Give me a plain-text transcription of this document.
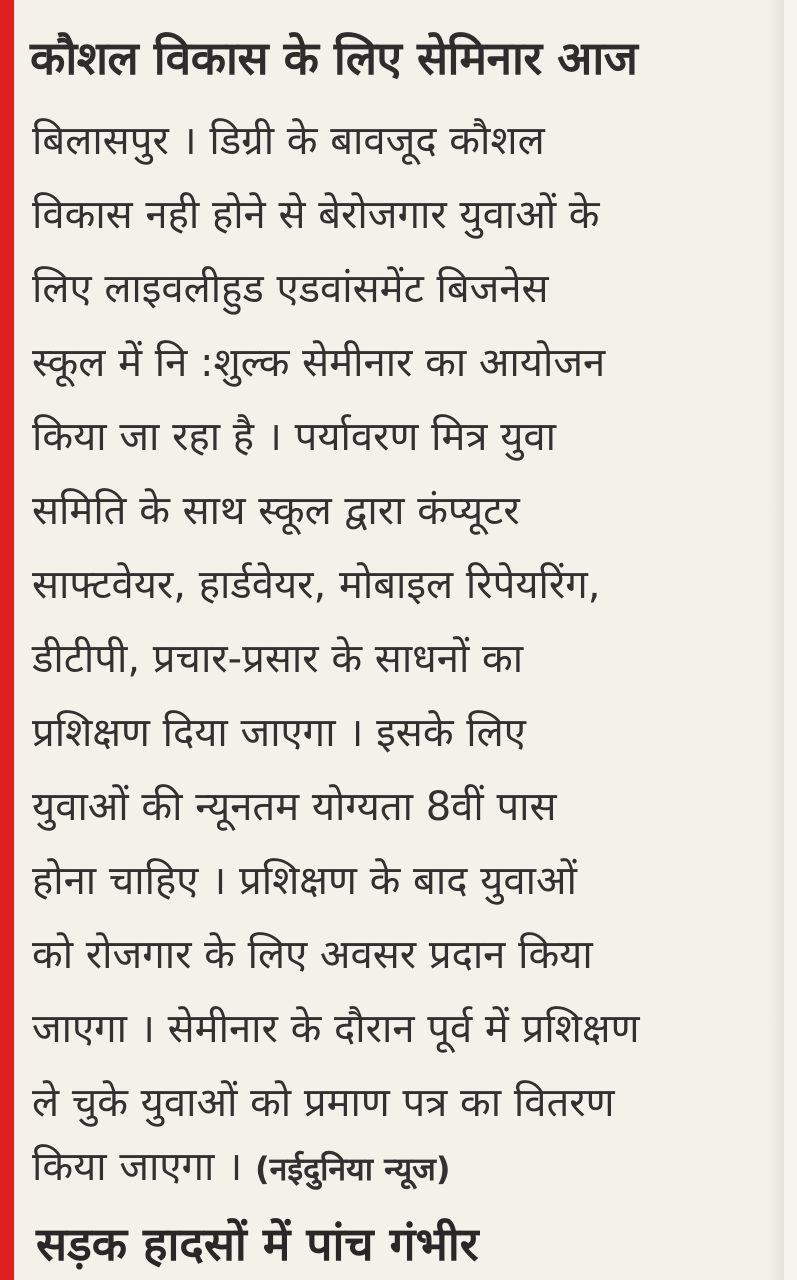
कौशल विकास के लिए सेमिनार आज

बिलासपुर । डिग्री के बावजूद कौशल

विकास नही होने से बेरोजगार युवाओं के

लिए लाइवलीहुड एडवांसमेंट बिजनेस

स्कूल में नि :शुल्क सेमीनार का आयोजन

किया जा रहा है । पर्यावरण मित्र युवा

समिति के साथ स्कूल द्वारा कंप्यूटर

साफ्टवेयर, हार्डवेयर, मोबाइल रिपेयरिंग,

डीटीपी, प्रचार-प्रसार के साधनों का

प्रशिक्षण दिया जाएगा । इसके लिए

युवाओं की न्यूनतम योग्यता 8वीं पास

होना चाहिए । प्रशिक्षण के बाद युवाओं

को रोजगार के लिए अवसर प्रदान किया

जाएगा । सेमीनार के दौरान पूर्व में प्रशिक्षण

ले चुके युवाओं को प्रमाण पत्र का वितरण

किया जाएगा । (नईदुनिया न्यूज)

सड़क हादसों में पांच गंभीर
